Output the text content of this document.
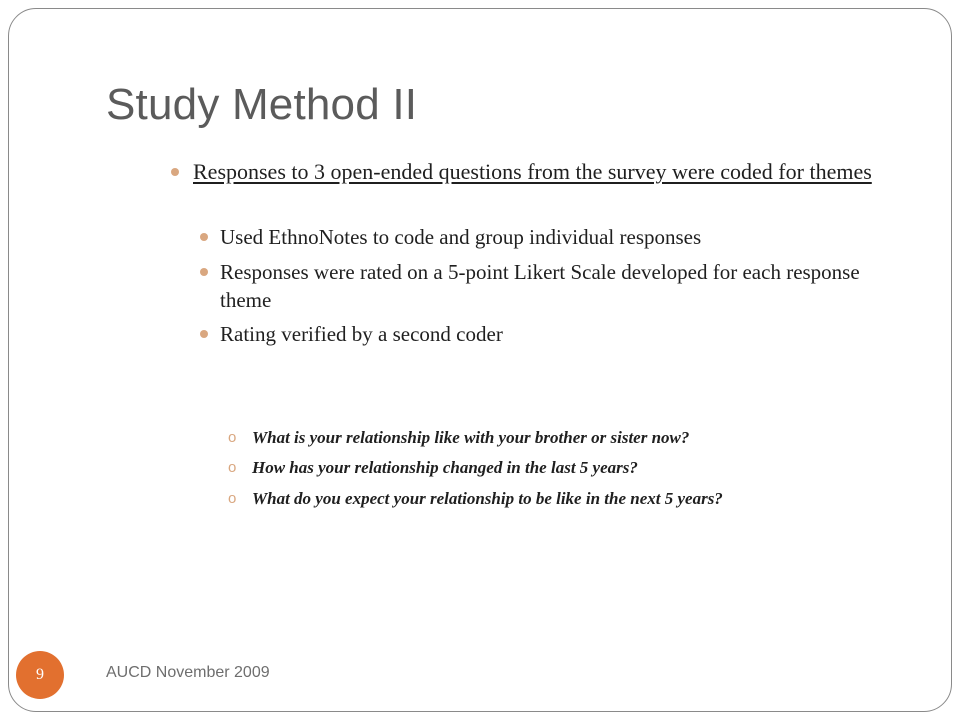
Study Method II
Responses to 3 open-ended questions from the survey were coded for themes
Used EthnoNotes to code and group individual responses
Responses were rated on a 5-point Likert Scale developed for each response theme
Rating verified by a second coder
o What is your relationship like with your brother or sister now?
o How has your relationship changed in the last 5 years?
o What do you expect your relationship to be like in the next 5 years?
9	AUCD November 2009
